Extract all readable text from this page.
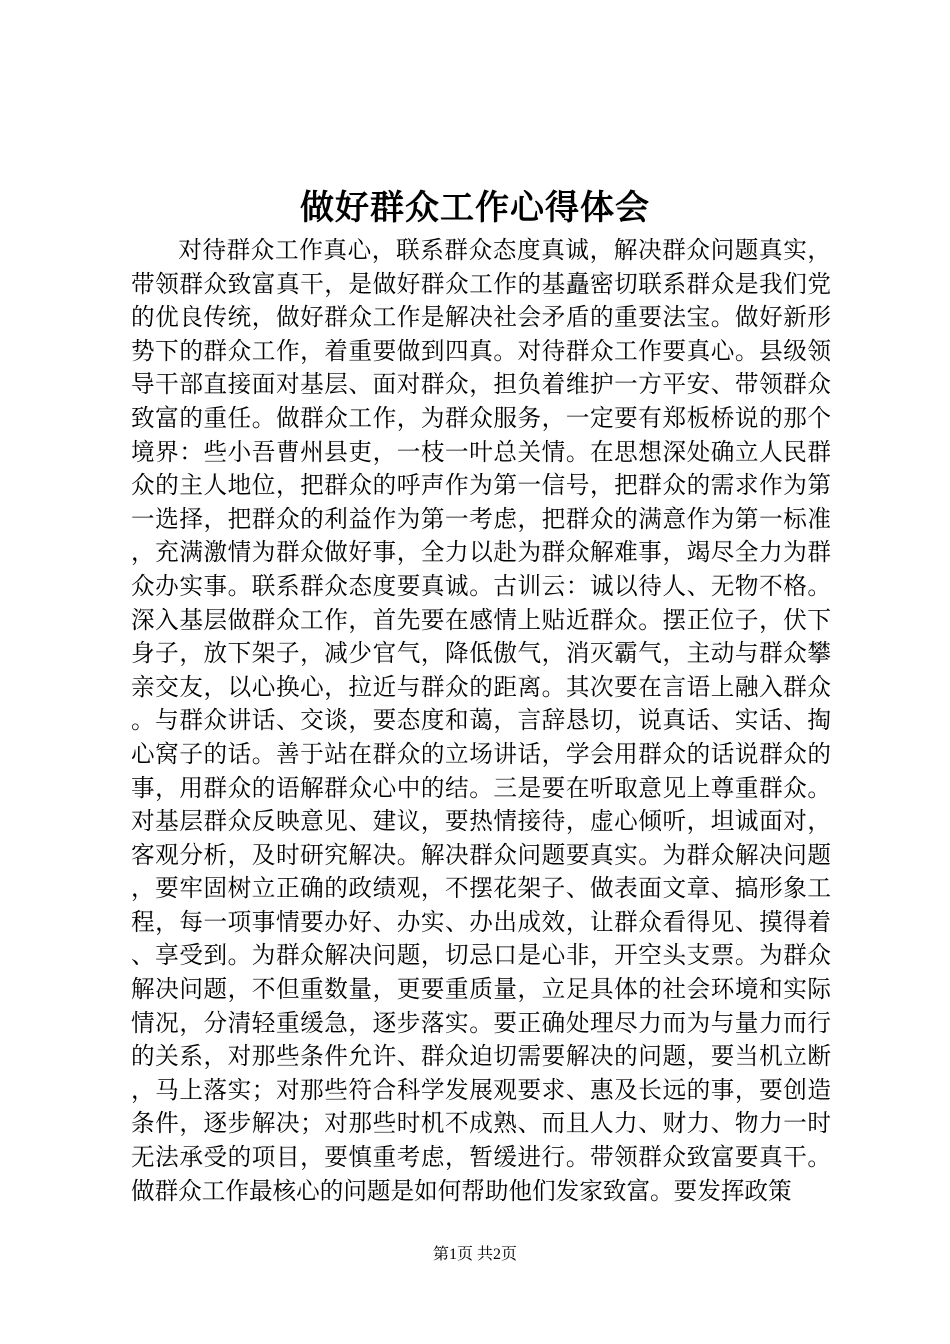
做好群众工作心得体会

对待群众工作真心，联系群众态度真诚，解决群众问题真实，带领群众致富真干，是做好群众工作的基矗密切联系群众是我们党的优良传统，做好群众工作是解决社会矛盾的重要法宝。做好新形势下的群众工作，着重要做到四真。对待群众工作要真心。县级领导干部直接面对基层、面对群众，担负着维护一方平安、带领群众致富的重任。做群众工作，为群众服务，一定要有郑板桥说的那个境界：些小吾曹州县吏，一枝一叶总关情。在思想深处确立人民群众的主人地位，把群众的呼声作为第一信号，把群众的需求作为第一选择，把群众的利益作为第一考虑，把群众的满意作为第一标准，充满激情为群众做好事，全力以赴为群众解难事，竭尽全力为群众办实事。联系群众态度要真诚。古训云：诚以待人、无物不格。深入基层做群众工作，首先要在感情上贴近群众。摆正位子，伏下身子，放下架子，减少官气，降低傲气，消灭霸气，主动与群众攀亲交友，以心换心，拉近与群众的距离。其次要在言语上融入群众。与群众讲话、交谈，要态度和蔼，言辞恳切，说真话、实话、掏心窝子的话。善于站在群众的立场讲话，学会用群众的话说群众的事，用群众的语解群众心中的结。三是要在听取意见上尊重群众。对基层群众反映意见、建议，要热情接待，虚心倾听，坦诚面对，客观分析，及时研究解决。解决群众问题要真实。为群众解决问题，要牢固树立正确的政绩观，不摆花架子、做表面文章、搞形象工程，每一项事情要办好、办实、办出成效，让群众看得见、摸得着、享受到。为群众解决问题，切忌口是心非，开空头支票。为群众解决问题，不但重数量，更要重质量，立足具体的社会环境和实际情况，分清轻重缓急，逐步落实。要正确处理尽力而为与量力而行的关系，对那些条件允许、群众迫切需要解决的问题，要当机立断，马上落实；对那些符合科学发展观要求、惠及长远的事，要创造条件，逐步解决；对那些时机不成熟、而且人力、财力、物力一时无法承受的项目，要慎重考虑，暂缓进行。带领群众致富要真干。做群众工作最核心的问题是如何帮助他们发家致富。要发挥政策

第1页 共2页
